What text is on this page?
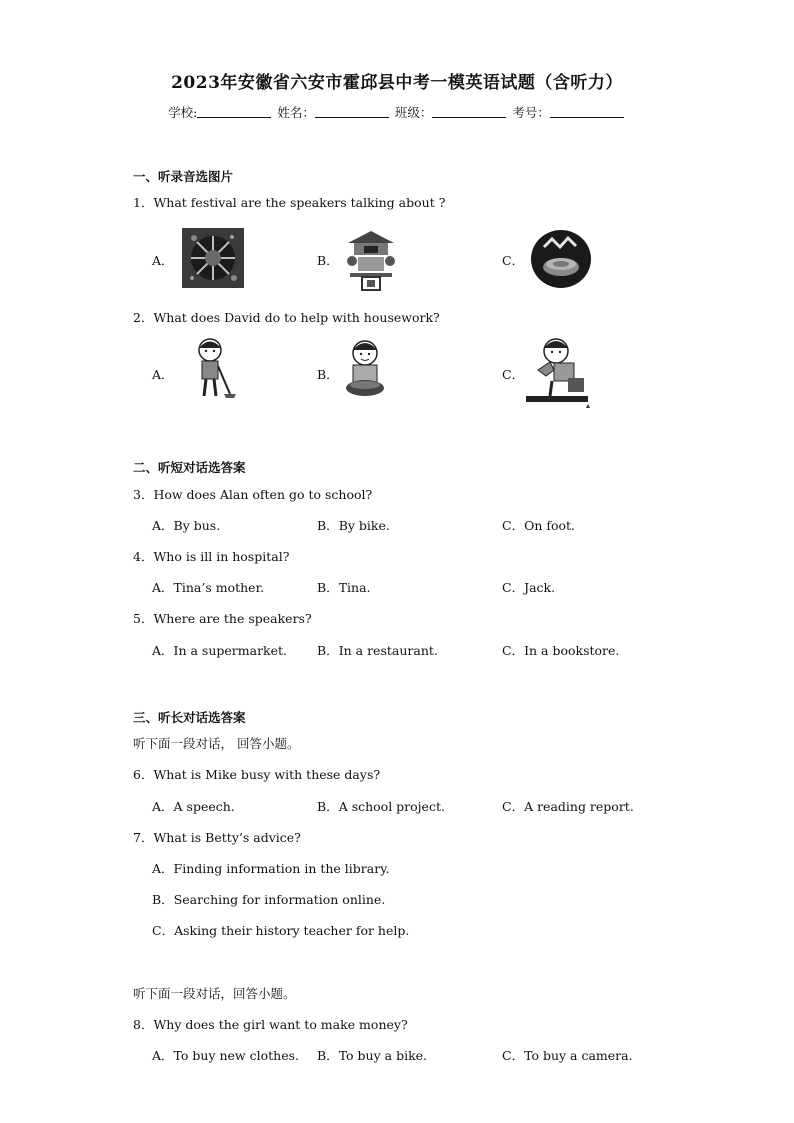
2023年安徽省六安市霍邱县中考一模英语试题（含听力）
学校:	姓名：	班级：	考号：
一、听录音选图片
1．What festival are the speakers talking about ?
A．	B．	C．
2．What does David do to help with housework?
A．	B．	C．
二、听短对话选答案
3．How does Alan often go to school?
A．By bus.	B．By bike.	C．On foot.
4．Who is ill in hospital?
A．Tina’s mother.	B．Tina.	C．Jack.
5．Where are the speakers?
A．In a supermarket. B．In a restaurant.	C．In a bookstore.
三、听长对话选答案
听下面一段对话， 回答小题。
6．What is Mike busy with these days?
A．A speech.	B．A school project.	C．A reading report.
7．What is Betty’s advice?
A．Finding information in the library.
B．Searching for information online.
C．Asking their history teacher for help.
听下面一段对话，回答小题。
8．Why does the girl want to make money?
A．To buy new clothes. B．To buy a bike.	C．To buy a camera.
